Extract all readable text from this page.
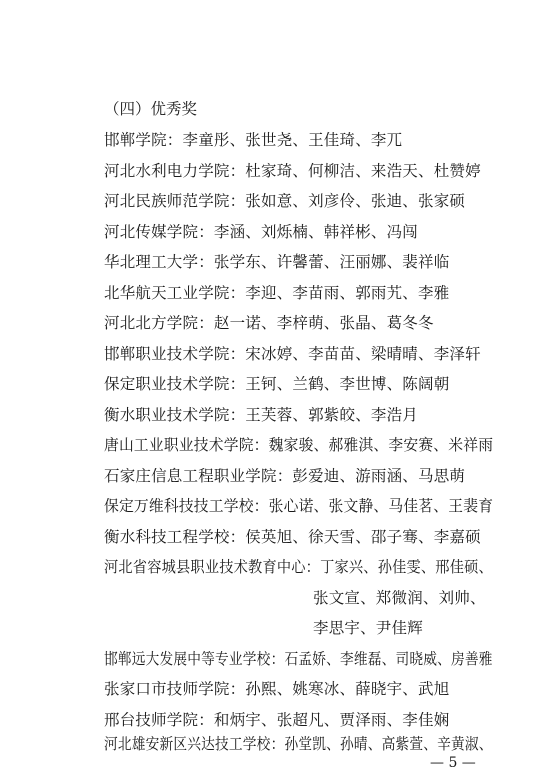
（四）优秀奖
邯郸学院：李童彤、张世尧、王佳琦、李兀
河北水利电力学院：杜家琦、何柳洁、来浩天、杜赞婷
河北民族师范学院：张如意、刘彦伶、张迪、张家硕
河北传媒学院：李涵、刘烁楠、韩祥彬、冯闯
华北理工大学：张学东、许馨蕾、汪丽娜、裴祥临
北华航天工业学院：李迎、李苗雨、郭雨艽、李雅
河北北方学院：赵一诺、李梓萌、张晶、葛冬冬
邯郸职业技术学院：宋冰婷、李苗苗、梁晴晴、李泽轩
保定职业技术学院：王钶、兰鹤、李世博、陈阔朝
衡水职业技术学院：王芙蓉、郭紫皎、李浩月
唐山工业职业技术学院：魏家骏、郝雅淇、李安赛、米祥雨
石家庄信息工程职业学院：彭爱迪、游雨涵、马思萌
保定万维科技技工学校：张心诺、张文静、马佳茗、王裴育
衡水科技工程学校：侯英旭、徐天雪、邵子骞、李嘉硕
河北省容城县职业技术教育中心：丁家兴、孙佳雯、邢佳硕、
张文宣、郑微润、刘帅、
李思宇、尹佳辉
邯郸远大发展中等专业学校：石孟娇、李维磊、司晓威、房善雅
张家口市技师学院：孙熙、姚寒冰、薛晓宇、武旭
邢台技师学院：和炳宇、张超凡、贾泽雨、李佳娴
河北雄安新区兴达技工学校：孙堂凯、孙晴、高紫萱、辛黄淑、
— 5 —
